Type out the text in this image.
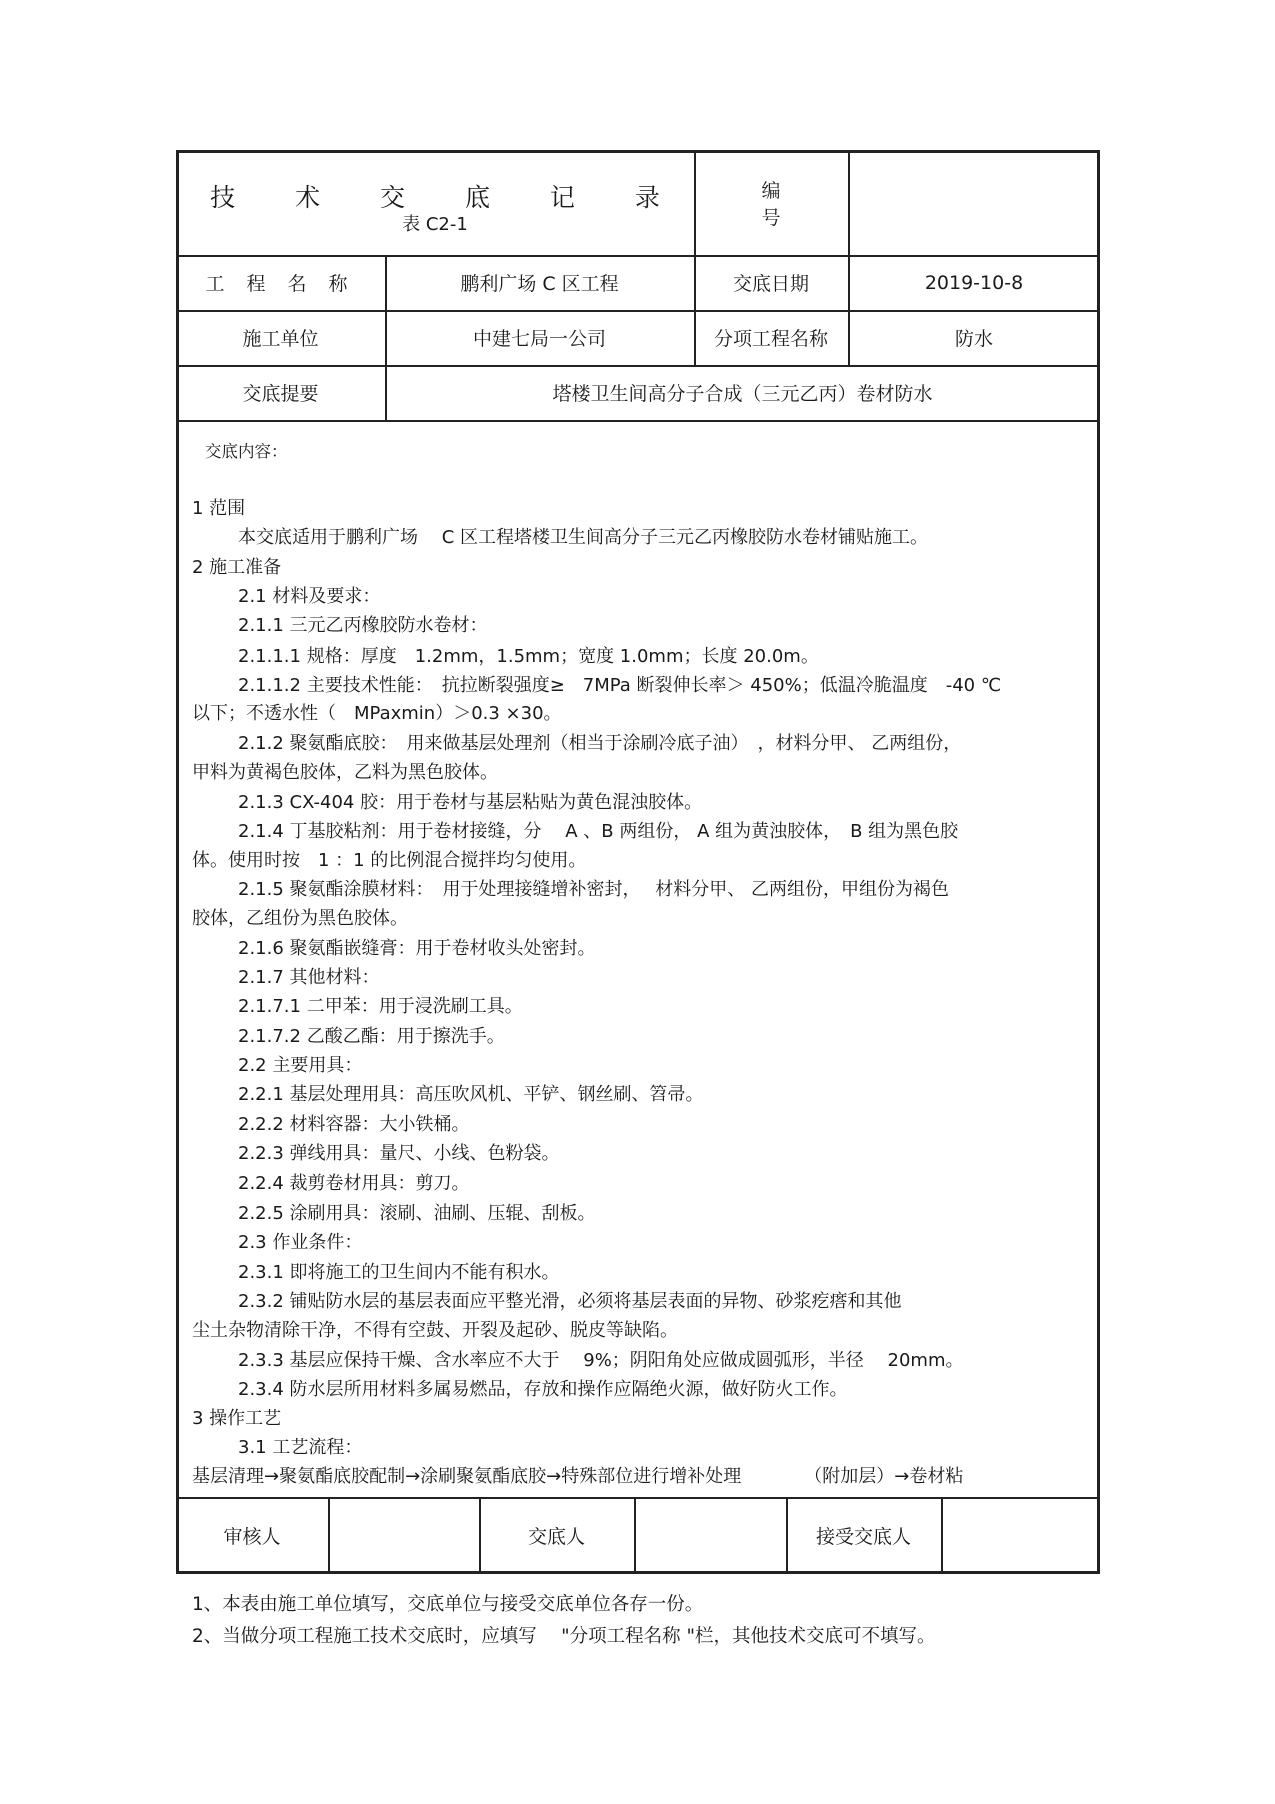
技 术 交 底 记 录
表 C2-1
编 号
工 程 名 称	鹏利广场 C 区工程	交底日期	2019-10-8
施工单位	中建七局一公司	分项工程名称	防水
交底提要	塔楼卫生间高分子合成（三元乙丙）卷材防水
交底内容：
1 范围
本交底适用于鹏利广场　 C 区工程塔楼卫生间高分子三元乙丙橡胶防水卷材铺贴施工。
2 施工准备
2.1 材料及要求：
2.1.1 三元乙丙橡胶防水卷材：
2.1.1.1 规格：厚度　1.2mm，1.5mm；宽度 1.0mm；长度 20.0m。
2.1.1.2 主要技术性能：　抗拉断裂强度≥　7MPa 断裂伸长率＞ 450%；低温冷脆温度　-40 ℃
以下；不透水性（　MPaxmin）＞0.3 ×30。
2.1.2 聚氨酯底胶：　用来做基层处理剂（相当于涂刷冷底子油）　，材料分甲、 乙两组份，
甲料为黄褐色胶体，乙料为黑色胶体。
2.1.3 CX-404 胶：用于卷材与基层粘贴为黄色混浊胶体。
2.1.4 丁基胶粘剂：用于卷材接缝，分　 A 、B 两组份， A 组为黄浊胶体，　B 组为黑色胶
体。使用时按　1 ：1 的比例混合搅拌均匀使用。
2.1.5 聚氨酯涂膜材料：　用于处理接缝增补密封，　 材料分甲、 乙两组份，甲组份为褐色
胶体，乙组份为黑色胶体。
2.1.6 聚氨酯嵌缝膏：用于卷材收头处密封。
2.1.7 其他材料：
2.1.7.1 二甲苯：用于浸洗刷工具。
2.1.7.2 乙酸乙酯：用于擦洗手。
2.2 主要用具：
2.2.1 基层处理用具：高压吹风机、平铲、钢丝刷、笤帚。
2.2.2 材料容器：大小铁桶。
2.2.3 弹线用具：量尺、小线、色粉袋。
2.2.4 裁剪卷材用具：剪刀。
2.2.5 涂刷用具：滚刷、油刷、压辊、刮板。
2.3 作业条件：
2.3.1 即将施工的卫生间内不能有积水。
2.3.2 铺贴防水层的基层表面应平整光滑，必须将基层表面的异物、砂浆疙瘩和其他
尘土杂物清除干净，不得有空鼓、开裂及起砂、脱皮等缺陷。
2.3.3 基层应保持干燥、含水率应不大于　 9%；阴阳角处应做成圆弧形，半径　 20mm。
2.3.4 防水层所用材料多属易燃品，存放和操作应隔绝火源，做好防火工作。
3 操作工艺
3.1 工艺流程：
基层清理→聚氨酯底胶配制→涂刷聚氨酯底胶→特殊部位进行增补处理　　　　（附加层）→卷材粘
审核人	交底人	接受交底人
1、本表由施工单位填写，交底单位与接受交底单位各存一份。
2、当做分项工程施工技术交底时，应填写　 "分项工程名称 "栏，其他技术交底可不填写。
